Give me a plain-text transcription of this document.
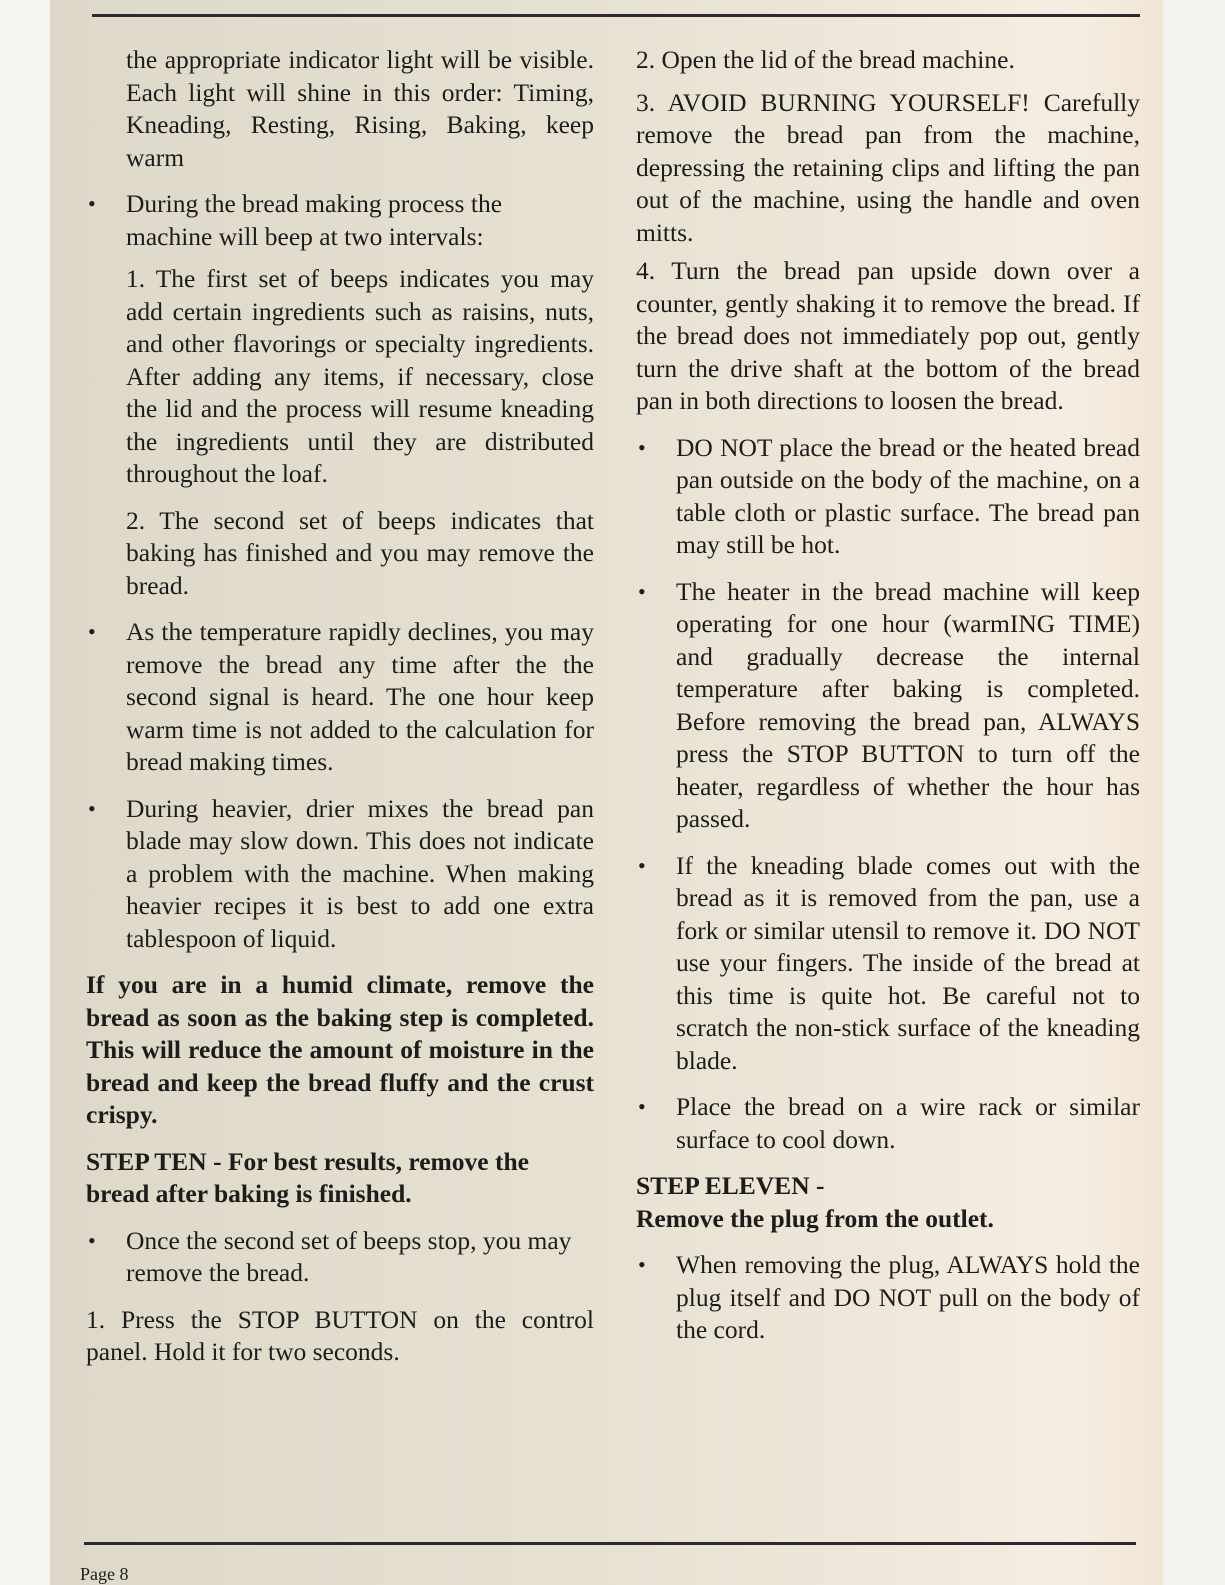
the appropriate indicator light will be visible. Each light will shine in this order: Timing, Kneading, Resting, Rising, Baking, keep warm

• During the bread making process the machine will beep at two intervals:

1. The first set of beeps indicates you may add certain ingredients such as raisins, nuts, and other flavorings or specialty ingredients. After adding any items, if necessary, close the lid and the process will resume kneading the ingredients until they are distributed throughout the loaf.

2. The second set of beeps indicates that baking has finished and you may remove the bread.

• As the temperature rapidly declines, you may remove the bread any time after the the second signal is heard. The one hour keep warm time is not added to the calculation for bread making times.

• During heavier, drier mixes the bread pan blade may slow down. This does not indicate a problem with the machine. When making heavier recipes it is best to add one extra tablespoon of liquid.

If you are in a humid climate, remove the bread as soon as the baking step is completed. This will reduce the amount of moisture in the bread and keep the bread fluffy and the crust crispy.

STEP TEN - For best results, remove the bread after baking is finished.

• Once the second set of beeps stop, you may remove the bread.

1. Press the STOP BUTTON on the control panel. Hold it for two seconds.

2. Open the lid of the bread machine.

3. AVOID BURNING YOURSELF! Carefully remove the bread pan from the machine, depressing the retaining clips and lifting the pan out of the machine, using the handle and oven mitts.

4. Turn the bread pan upside down over a counter, gently shaking it to remove the bread. If the bread does not immediately pop out, gently turn the drive shaft at the bottom of the bread pan in both directions to loosen the bread.

• DO NOT place the bread or the heated bread pan outside on the body of the machine, on a table cloth or plastic surface. The bread pan may still be hot.

• The heater in the bread machine will keep operating for one hour (warmING TIME) and gradually decrease the internal temperature after baking is completed. Before removing the bread pan, ALWAYS press the STOP BUTTON to turn off the heater, regardless of whether the hour has passed.

• If the kneading blade comes out with the bread as it is removed from the pan, use a fork or similar utensil to remove it. DO NOT use your fingers. The inside of the bread at this time is quite hot. Be careful not to scratch the non-stick surface of the kneading blade.

• Place the bread on a wire rack or similar surface to cool down.

STEP ELEVEN -

Remove the plug from the outlet.

• When removing the plug, ALWAYS hold the plug itself and DO NOT pull on the body of the cord.

Page 8
